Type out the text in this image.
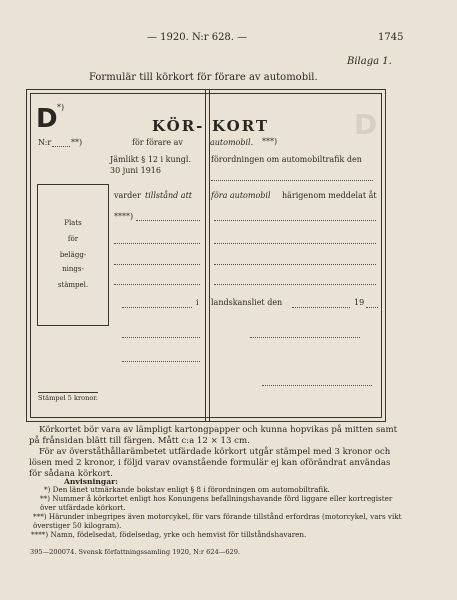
— 1920. N:r 628. —	1745
Bilaga 1.
Formulär till körkort för förare av automobil.
D *)
N:r **)
KÖR-
för förare av
Jämlikt § 12 i kungl.
30 juni 1916
varder tillstånd att
****)
i
Plats
för
belägg-
nings-
stämpel.
Stämpel 5 kronor.
KORT
automobil. ***)
förordningen om automobiltrafik den
föra automobil härigenom meddelat åt
landskansliet den	19
D
Körkortet bör vara av lämpligt kartongpapper och kunna hopvikas på mitten samt på frånsidan blätt till färgen. Mått c:a 12 × 13 cm.
För av överståthållarämbetet utfärdade körkort utgår stämpel med 3 kronor och lösen med 2 kronor, i följd varav ovanstående formulär ej kan oförändrat användas för sådana körkort.
Anvisningar:
*) Den länet utmärkande bokstav enligt § 8 i förordningen om automobiltrafik.
**) Nummer å körkortet enligt hos Konungens befallningshavande förd liggare eller kortregister över utfärdade körkort.
***) Härunder inbegripes även motorcykel, för vars förande tillstånd erfordras (motorcykel, vars vikt överstiger 50 kilogram).
****) Namn, födelsedat, födelsedag, yrke och hemvist för tillståndshavaren.
395—200074. Svensk författningssamling 1920, N:r 624—629.
